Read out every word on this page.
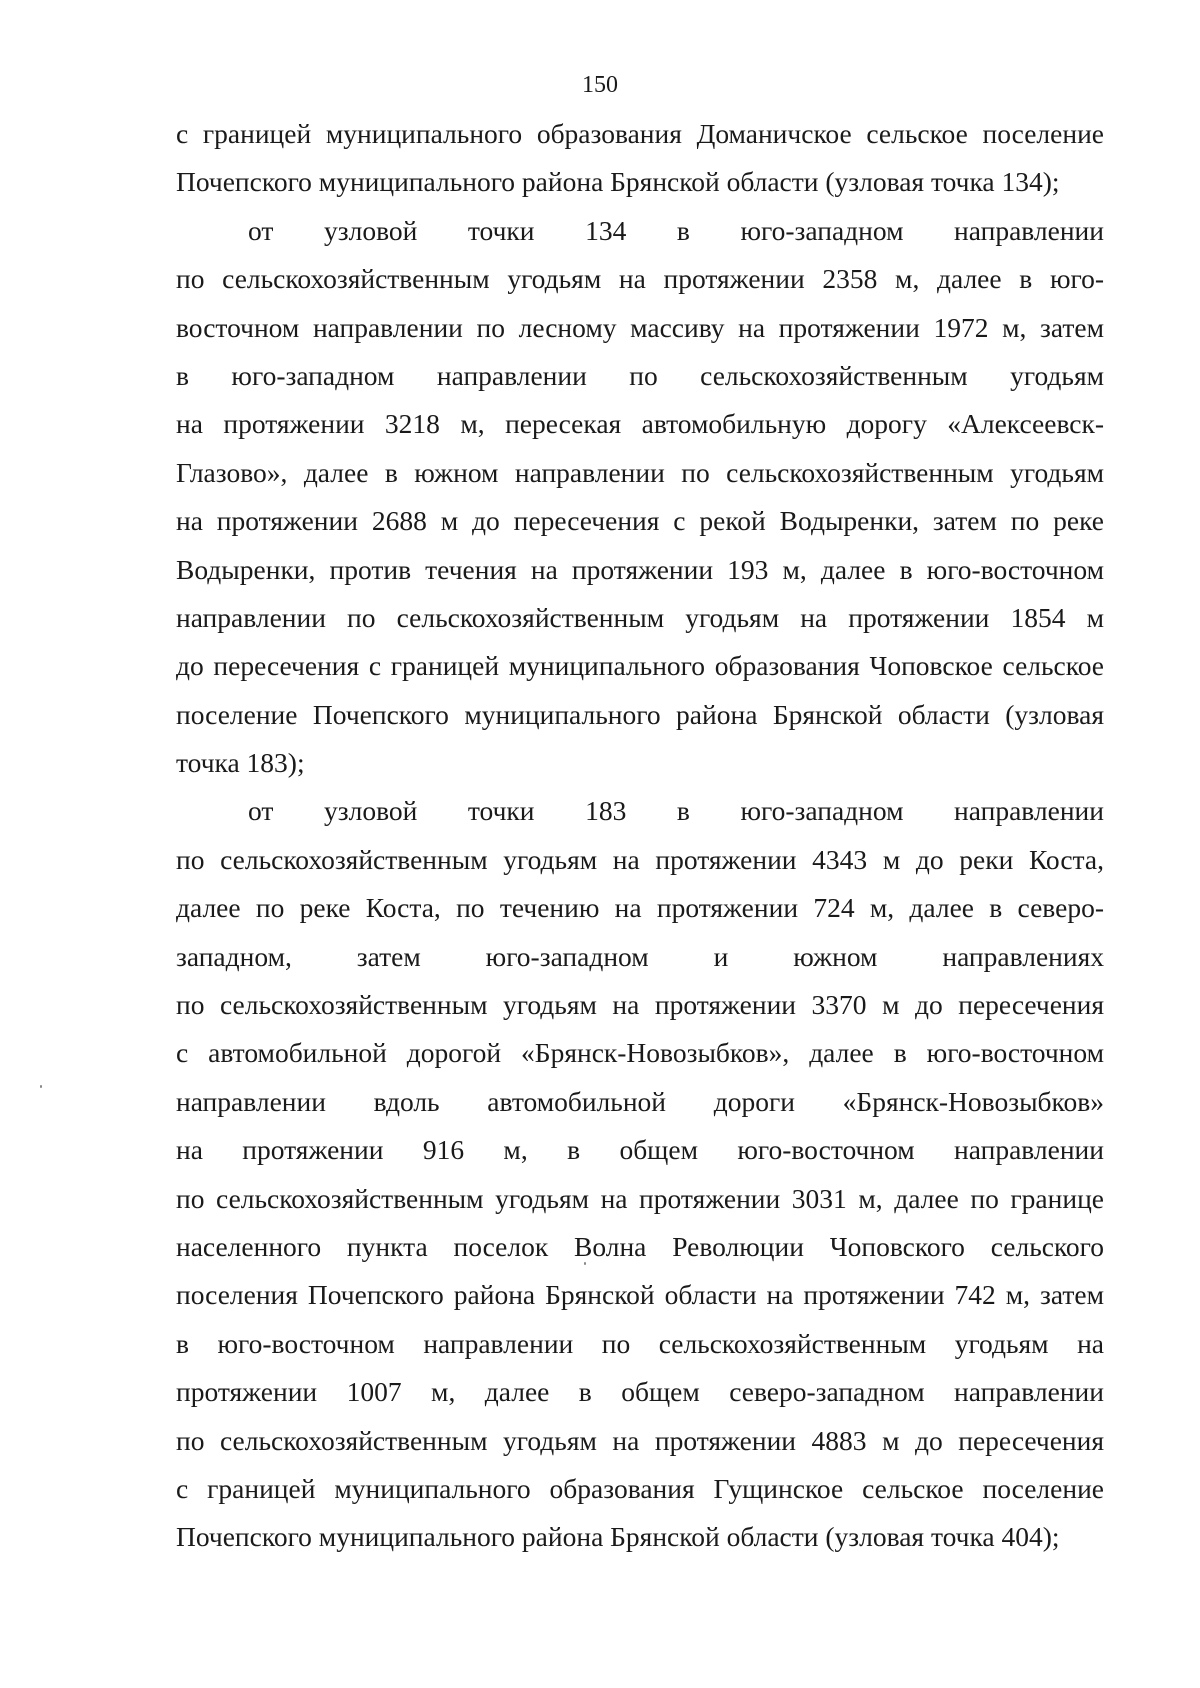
150
с границей муниципального образования Доманичское сельское поселение
Почепского муниципального района Брянской области (узловая точка 134);
от узловой точки 134 в юго-западном направлении
по сельскохозяйственным угодьям на протяжении 2358 м, далее в юго-
восточном направлении по лесному массиву на протяжении 1972 м, затем
в юго-западном направлении по сельскохозяйственным угодьям
на протяжении 3218 м, пересекая автомобильную дорогу «Алексеевск-
Глазово», далее в южном направлении по сельскохозяйственным угодьям
на протяжении 2688 м до пересечения с рекой Водыренки, затем по реке
Водыренки, против течения на протяжении 193 м, далее в юго-восточном
направлении по сельскохозяйственным угодьям на протяжении 1854 м
до пересечения с границей муниципального образования Чоповское сельское
поселение Почепского муниципального района Брянской области (узловая
точка 183);
от узловой точки 183 в юго-западном направлении
по сельскохозяйственным угодьям на протяжении 4343 м до реки Коста,
далее по реке Коста, по течению на протяжении 724 м, далее в северо-
западном, затем юго-западном и южном направлениях
по сельскохозяйственным угодьям на протяжении 3370 м до пересечения
с автомобильной дорогой «Брянск-Новозыбков», далее в юго-восточном
направлении вдоль автомобильной дороги «Брянск-Новозыбков»
на протяжении 916 м, в общем юго-восточном направлении
по сельскохозяйственным угодьям на протяжении 3031 м, далее по границе
населенного пункта поселок Волна Революции Чоповского сельского
поселения Почепского района Брянской области на протяжении 742 м, затем
в юго-восточном направлении по сельскохозяйственным угодьям на
протяжении 1007 м, далее в общем северо-западном направлении
по сельскохозяйственным угодьям на протяжении 4883 м до пересечения
с границей муниципального образования Гущинское сельское поселение
Почепского муниципального района Брянской области (узловая точка 404);
